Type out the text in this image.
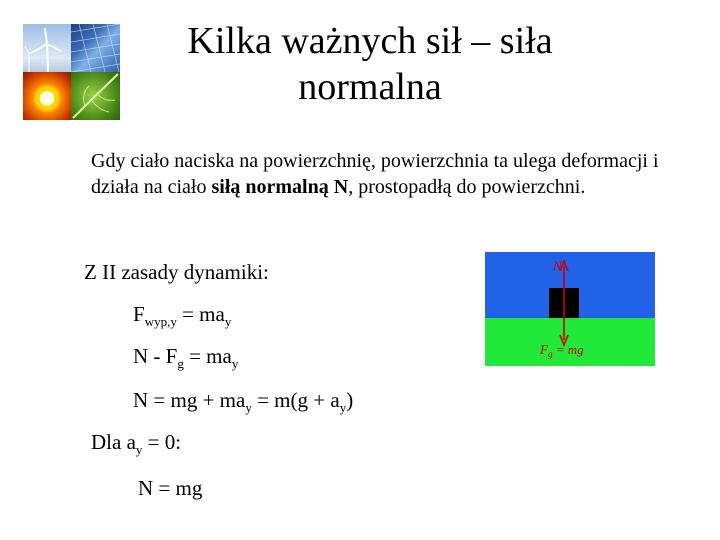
Kilka ważnych sił – siła
normalna
Gdy ciało naciska na powierzchnię, powierzchnia ta ulega deformacji i działa na ciało siłą normalną N, prostopadłą do powierzchni.
Z II zasady dynamiki:
$F_{wyp,y} = ma_y$
$N - F_g = ma_y$
N = mg + $ma_y = m(g + a_y)$
Dla $a_y = 0$:
N = mg
N
$F_g$ = mg
